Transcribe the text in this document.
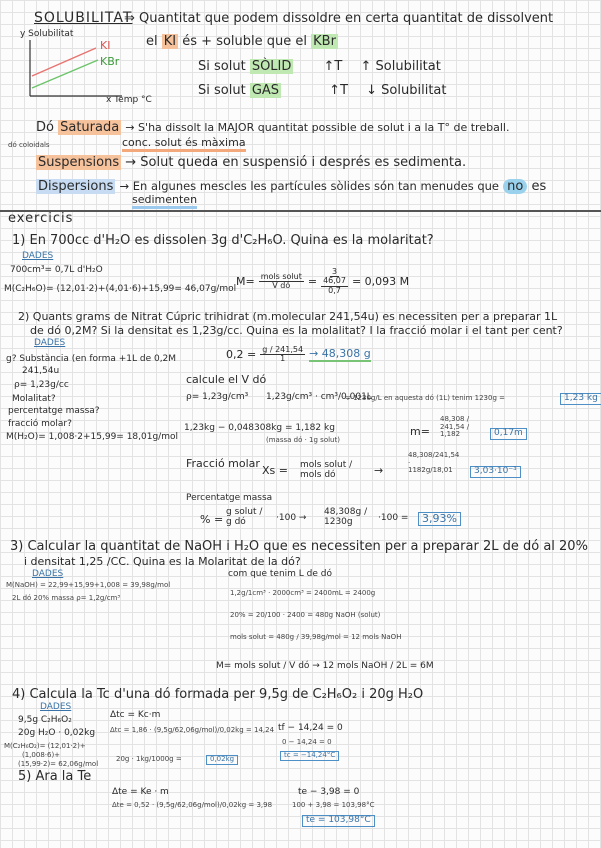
SOLUBILITAT
⇒ Quantitat que podem dissoldre en certa quantitat de dissolvent
y Solubilitat
KI
KBr
x Temp °C
el KI és + soluble que el KBr
Si solut SÒLID ↑T ↑ Solubilitat
Si solut GAS	↑T ↓ Solubilitat
Dó Saturada → S'ha dissolt la MAJOR quantitat possible de solut i a la T° de treball.
conc. solut és màxima
dó coloidals
Suspensions → Solut queda en suspensió i després es sedimenta.
Dispersions → En algunes mescles les partícules sòlides són tan menudes que no es
sedimenten
exercicis
1) En 700cc d'H₂O es dissolen 3g d'C₂H₆O. Quina es la molaritat?
DADES
700cm³= 0,7L d'H₂O
M(C₂H₆O)= (12,01·2)+(4,01·6)+15,99= 46,07g/mol
$M= \frac{\text{mols solut}}{\text{V dó}}$ =
3
46,07
0,7
= 0,093 M
2) Quants grams de Nitrat Cúpric trihidrat (m.molecular 241,54u) es necessiten per a preparar 1L
de dó 0,2M? Si la densitat es 1,23g/cc. Quina es la molalitat? I la fracció molar i el tant per cent?
DADES
g? Substància (en forma +1L de 0,2M
241,54u
ρ= 1,23g/cc
Molalitat?
percentatge massa?
fracció molar?
M(H₂O)= 1,008·2+15,99= 18,01g/mol
$0,2 = \frac{g / 241,54}{1} \to 48,308$ g
calcule el V dó
ρ= 1,23g/cm³ 1,23g/cm³ · cm³/0,001L
= 1230g/L en aquesta dó (1L) tenim 1230g =	1,23 kg
1,23kg − 0,048308kg = 1,182 kg
(massa dó · 1g solut)
m=
48,308 / 241,54 / 1,182	0,17m
Fracció molar
Xs = mols solut / mols dó	→
48,308/241,54 · 1182g/18,01	3,03·10⁻³
Percentatge massa
% =
g solut / g dó	·100 →
48,308g / 1230g	·100 =	3,93%
3) Calcular la quantitat de NaOH i H₂O que es necessiten per a preparar 2L de dó al 20%
i densitat 1,25 /CC. Quina es la Molaritat de la dó?
DADES
M(NaOH) = 22,99+15,99+1,008 = 39,98g/mol
2L dó 20% massa ρ= 1,2g/cm³
com que tenim L de dó
1,2g/1cm³ · 2000cm³ = 2400mL = 2400g
20% = 20/100 · 2400 = 480g NaOH (solut)
mols solut = 480g / 39,98g/mol = 12 mols NaOH
M= mols solut / V dó → 12 mols NaOH / 2L = 6M
4) Calcula la Tc d'una dó formada per 9,5g de C₂H₆O₂ i 20g H₂O
DADES
9,5g C₂H₆O₂
20g H₂O · 0,02kg
M(C₂H₆O₂)= (12,01·2)+
(1,008·6)+
(15,99·2)= 62,06g/mol
Δtc = Kc·m
Δtc = 1,86 · (9,5g/62,06g/mol)/0,02kg = 14,24
20g · 1kg/1000g =	0,02kg
tf − 14,24 = 0
0 − 14,24 = 0
tc = −14,24°C
5) Ara la Te
Δte = Ke · m
Δte = 0,52 · (9,5g/62,06g/mol)/0,02kg = 3,98
te − 3,98 = 0
100 + 3,98 = 103,98°C
te = 103,98°C
